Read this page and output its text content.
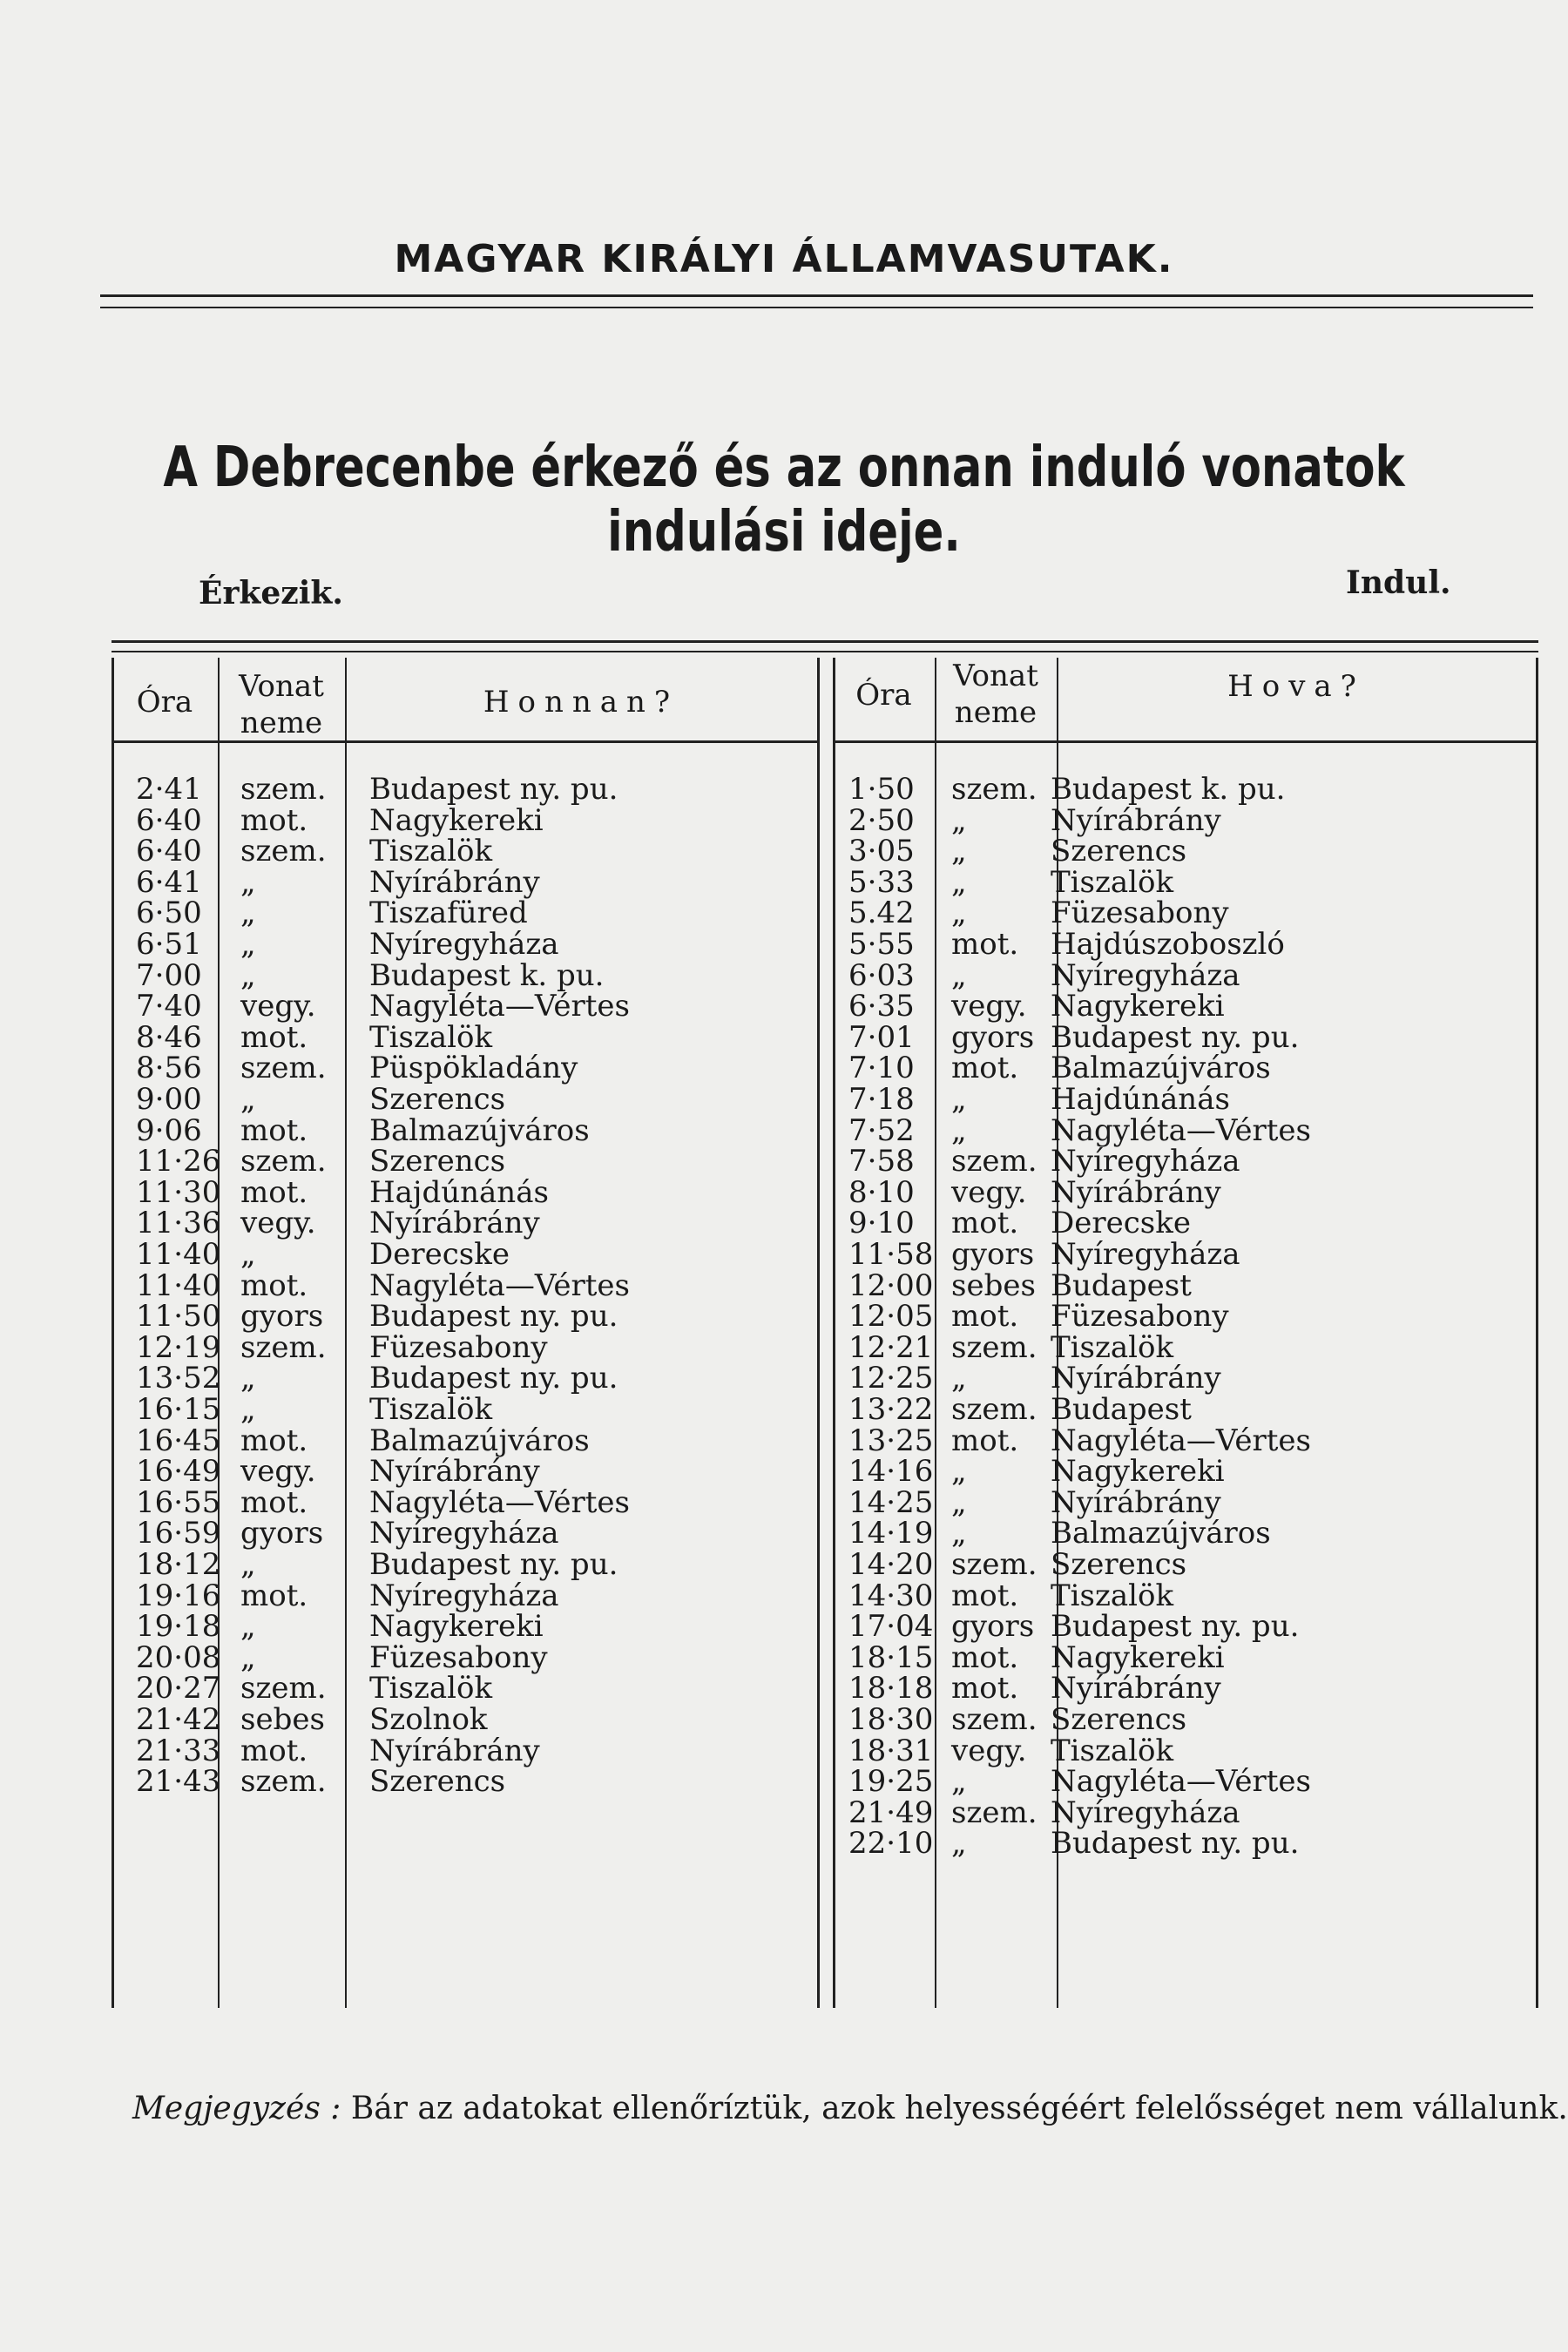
MAGYAR KIRÁLYI ÁLLAMVASUTAK.
A Debrecenbe érkező és az onnan induló vonatok indulási ideje.

Érkezik.	Indul.

Óra	Vonat
neme
Honnan?	Óra
Vonat
neme
Hova?
2·41 szem. Budapest ny. pu.
6·40 mot. Nagykereki
6·40 szem. Tiszalök
6·41 „	Nyírábrány
6·50 „	Tiszafüred
6·51 „	Nyíregyháza
7·00 „	Budapest k. pu.
7·40 vegy. Nagyléta—Vértes
8·46 mot. Tiszalök
8·56 szem. Püspökladány
9·00 „	Szerencs
9·06 mot. Balmazújváros
11·26 szem. Szerencs
11·30 mot. Hajdúnánás
11·36 vegy. Nyírábrány
11·40 „	Derecske
11·40 mot. Nagyléta—Vértes
11·50 gyors Budapest ny. pu.
12·19 szem. Füzesabony
13·52 „	Budapest ny. pu.
16·15 „	Tiszalök
16·45 mot. Balmazújváros
16·49 vegy. Nyírábrány
16·55 mot. Nagyléta—Vértes
16·59 gyors Nyíregyháza
18·12 „	Budapest ny. pu.
19·16 mot. Nyíregyháza
19·18 „	Nagykereki
20·08 „	Füzesabony
20·27 szem. Tiszalök
21·42 sebes Szolnok
21·33 mot. Nyírábrány
21·43 szem. Szerencs
1·50 szem. Budapest k. pu.
2·50 „	Nyírábrány
3·05 „	Szerencs
5·33 „	Tiszalök
5.42 „	Füzesabony
5·55 mot. Hajdúszoboszló
6·03 „	Nyíregyháza
6·35 vegy. Nagykereki
7·01 gyors Budapest ny. pu.
7·10 mot. Balmazújváros
7·18 „	Hajdúnánás
7·52 „	Nagyléta—Vértes
7·58 szem. Nyíregyháza
8·10 vegy. Nyírábrány
9·10 mot. Derecske
11·58 gyors Nyíregyháza
12·00 sebes Budapest
12·05 mot. Füzesabony
12·21 szem. Tiszalök
12·25 „	Nyírábrány
13·22 szem. Budapest
13·25 mot. Nagyléta—Vértes
14·16 „	Nagykereki
14·25 „	Nyírábrány
14·19 „	Balmazújváros
14·20 szem. Szerencs
14·30 mot. Tiszalök
17·04 gyors Budapest ny. pu.
18·15 mot. Nagykereki
18·18 mot. Nyírábrány
18·30 szem. Szerencs
18·31 vegy. Tiszalök
19·25 „	Nagyléta—Vértes
21·49 szem. Nyíregyháza
22·10 „	Budapest ny. pu.

Megjegyzés : Bár az adatokat ellenőríztük, azok helyességéért felelősséget nem vállalunk.
